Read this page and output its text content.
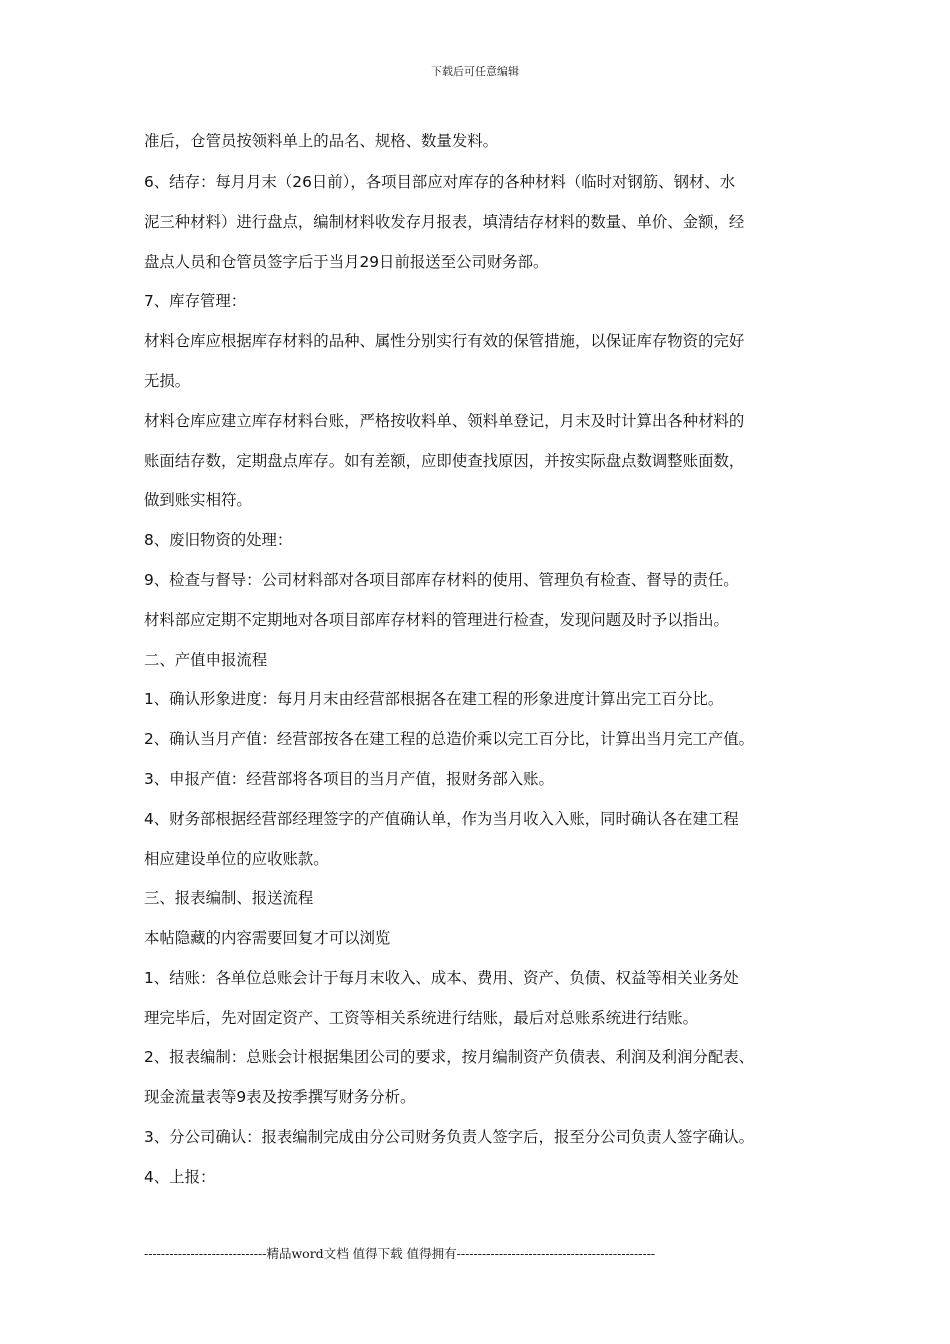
下载后可任意编辑
准后，仓管员按领料单上的品名、规格、数量发料。
6、结存：每月月末（26日前），各项目部应对库存的各种材料（临时对钢筋、钢材、水
泥三种材料）进行盘点，编制材料收发存月报表，填清结存材料的数量、单价、金额，经
盘点人员和仓管员签字后于当月29日前报送至公司财务部。
7、库存管理：
材料仓库应根据库存材料的品种、属性分别实行有效的保管措施，以保证库存物资的完好
无损。
材料仓库应建立库存材料台账，严格按收料单、领料单登记，月末及时计算出各种材料的
账面结存数，定期盘点库存。如有差额，应即使查找原因，并按实际盘点数调整账面数，
做到账实相符。
8、废旧物资的处理：
9、检查与督导：公司材料部对各项目部库存材料的使用、管理负有检查、督导的责任。
材料部应定期不定期地对各项目部库存材料的管理进行检查，发现问题及时予以指出。
二、产值申报流程
1、确认形象进度：每月月末由经营部根据各在建工程的形象进度计算出完工百分比。
2、确认当月产值：经营部按各在建工程的总造价乘以完工百分比，计算出当月完工产值。
3、申报产值：经营部将各项目的当月产值，报财务部入账。
4、财务部根据经营部经理签字的产值确认单，作为当月收入入账，同时确认各在建工程
相应建设单位的应收账款。
三、报表编制、报送流程
本帖隐藏的内容需要回复才可以浏览
1、结账：各单位总账会计于每月末收入、成本、费用、资产、负债、权益等相关业务处
理完毕后，先对固定资产、工资等相关系统进行结账，最后对总账系统进行结账。
2、报表编制：总账会计根据集团公司的要求，按月编制资产负债表、利润及利润分配表、
现金流量表等9表及按季撰写财务分析。
3、分公司确认：报表编制完成由分公司财务负责人签字后，报至分公司负责人签字确认。
4、上报：
-----------------------------精品word文档 值得下载 值得拥有-----------------------------------------------
